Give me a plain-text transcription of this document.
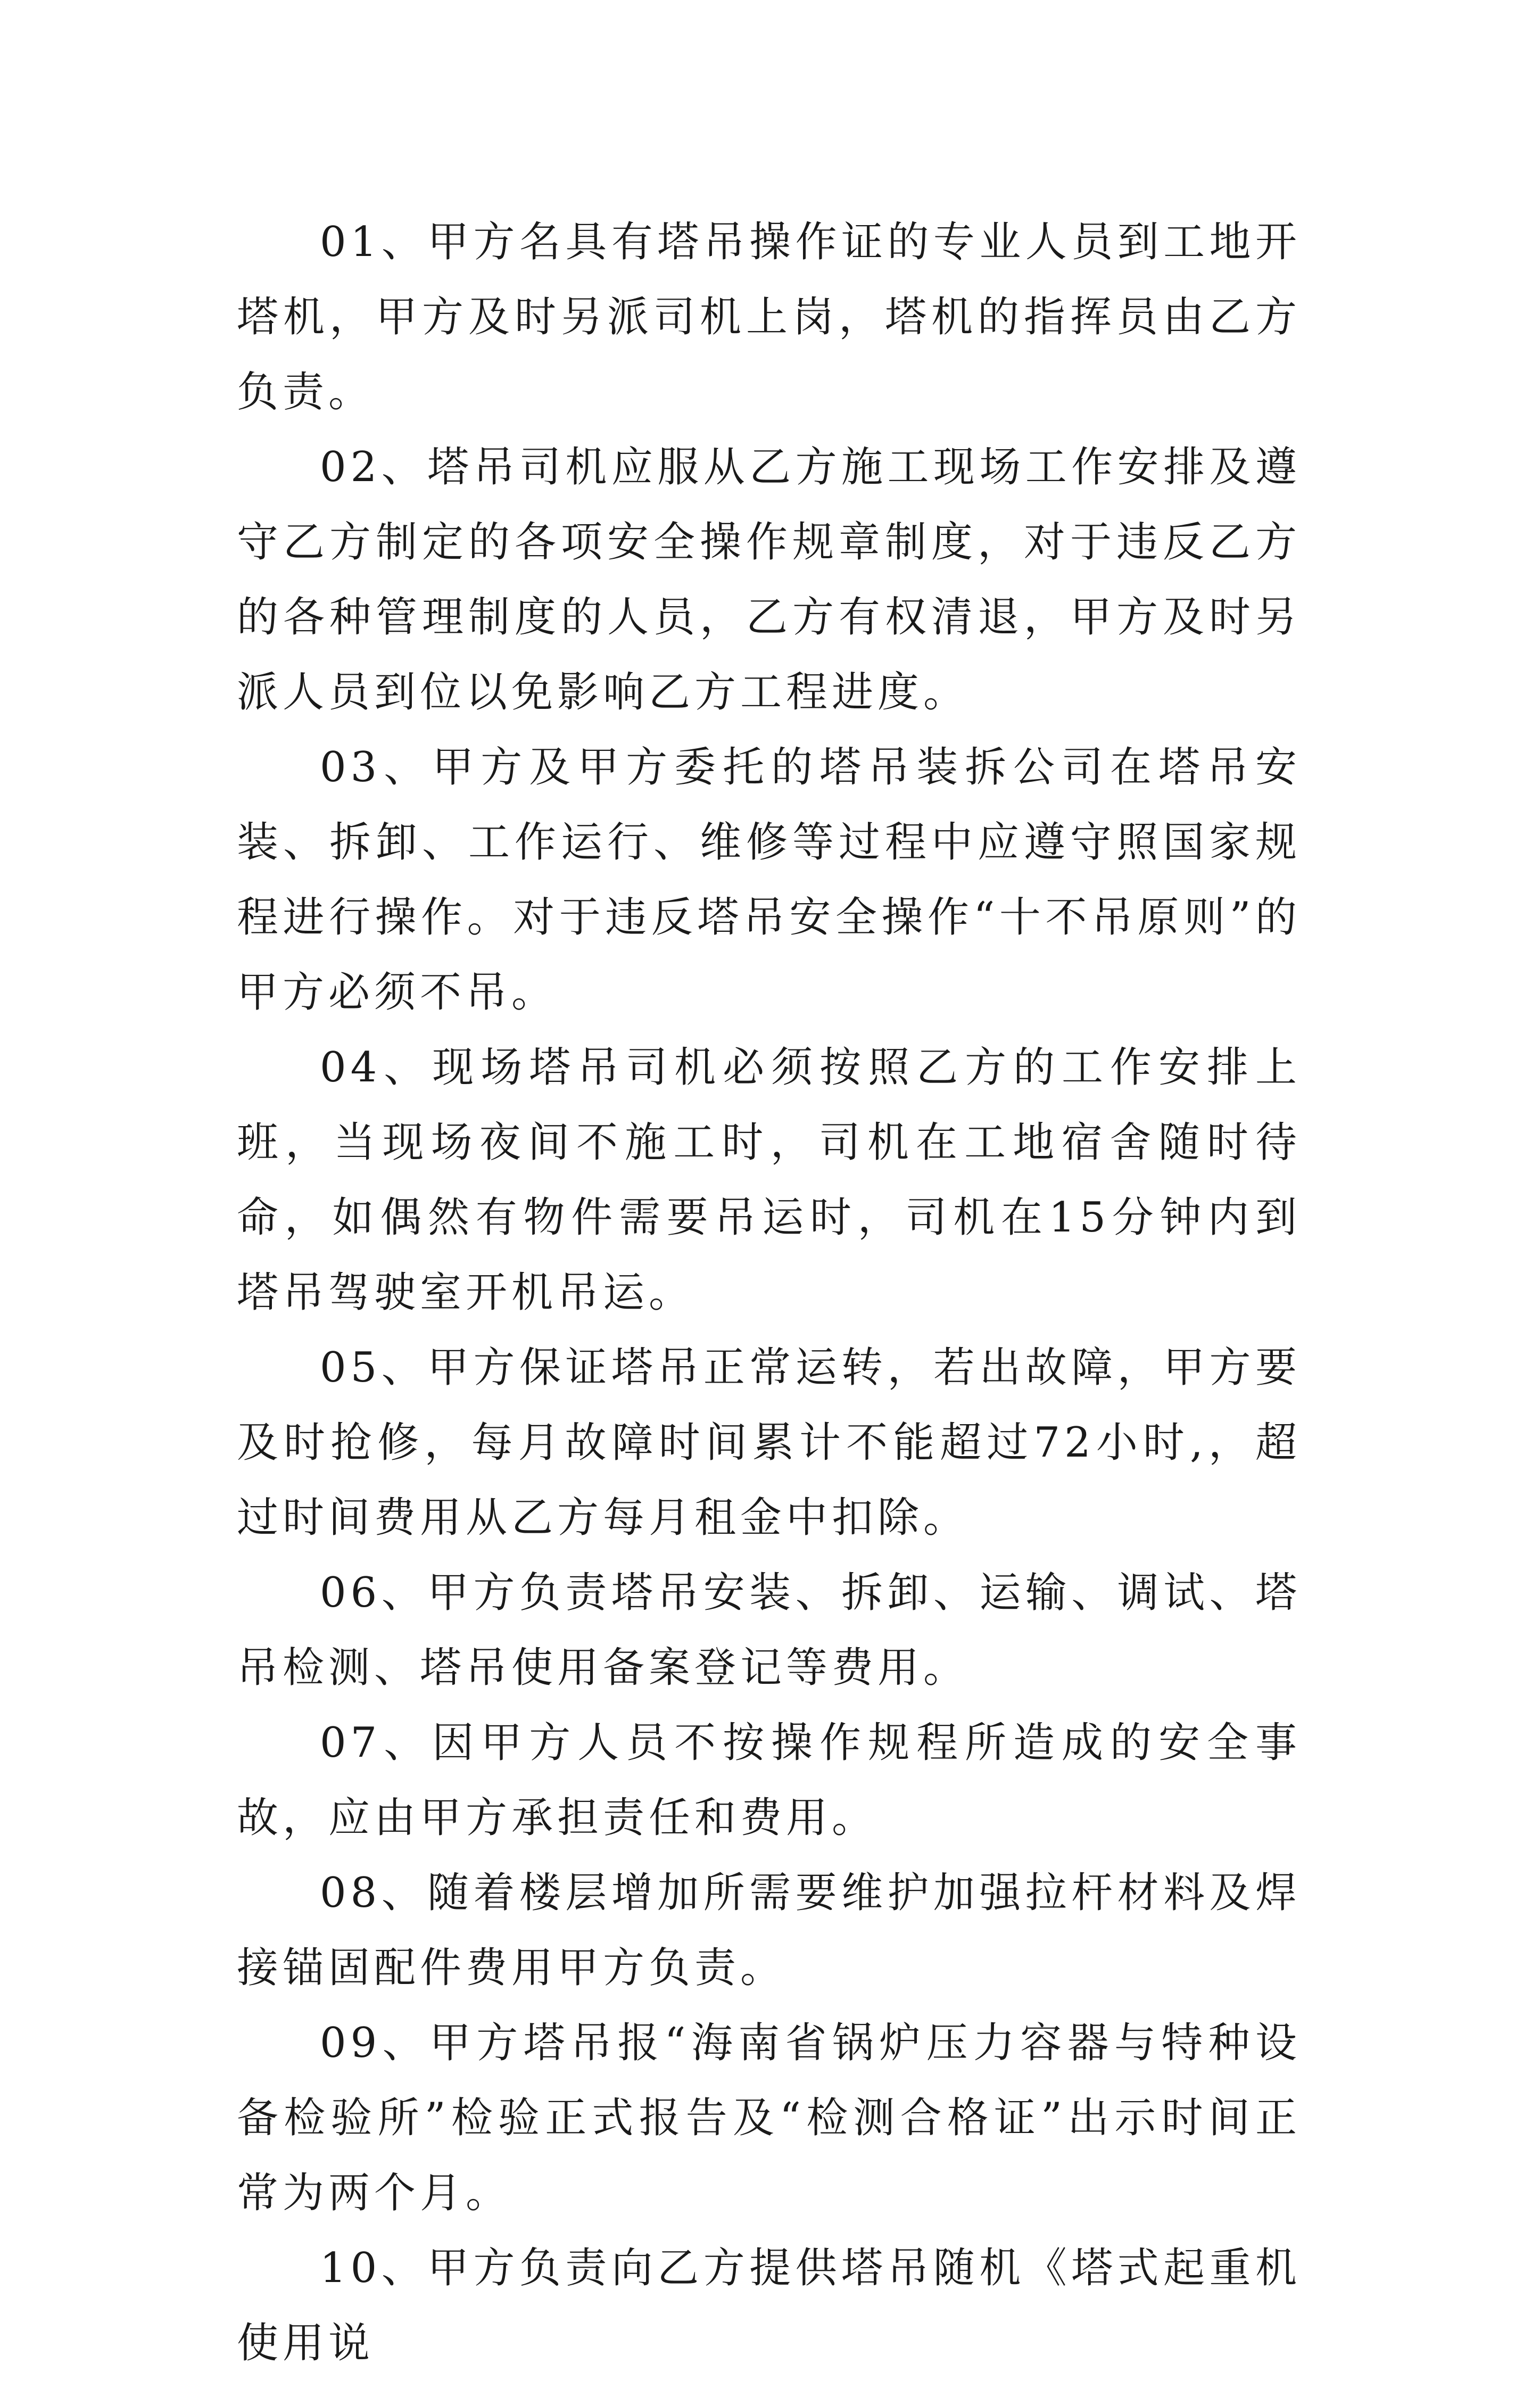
01、甲方名具有塔吊操作证的专业人员到工地开塔机，甲方及时另派司机上岗，塔机的指挥员由乙方负责。

02、塔吊司机应服从乙方施工现场工作安排及遵守乙方制定的各项安全操作规章制度，对于违反乙方的各种管理制度的人员，乙方有权清退，甲方及时另派人员到位以免影响乙方工程进度。

03、甲方及甲方委托的塔吊装拆公司在塔吊安装、拆卸、工作运行、维修等过程中应遵守照国家规程进行操作。对于违反塔吊安全操作“十不吊原则”的甲方必须不吊。

04、现场塔吊司机必须按照乙方的工作安排上班，当现场夜间不施工时，司机在工地宿舍随时待命，如偶然有物件需要吊运时，司机在15分钟内到塔吊驾驶室开机吊运。

05、甲方保证塔吊正常运转，若出故障，甲方要及时抢修，每月故障时间累计不能超过72小时,，超过时间费用从乙方每月租金中扣除。

06、甲方负责塔吊安装、拆卸、运输、调试、塔吊检测、塔吊使用备案登记等费用。

07、因甲方人员不按操作规程所造成的安全事故，应由甲方承担责任和费用。

08、随着楼层增加所需要维护加强拉杆材料及焊接锚固配件费用甲方负责。

09、甲方塔吊报“海南省锅炉压力容器与特种设备检验所”检验正式报告及“检测合格证”出示时间正常为两个月。

10、甲方负责向乙方提供塔吊随机《塔式起重机使用说
